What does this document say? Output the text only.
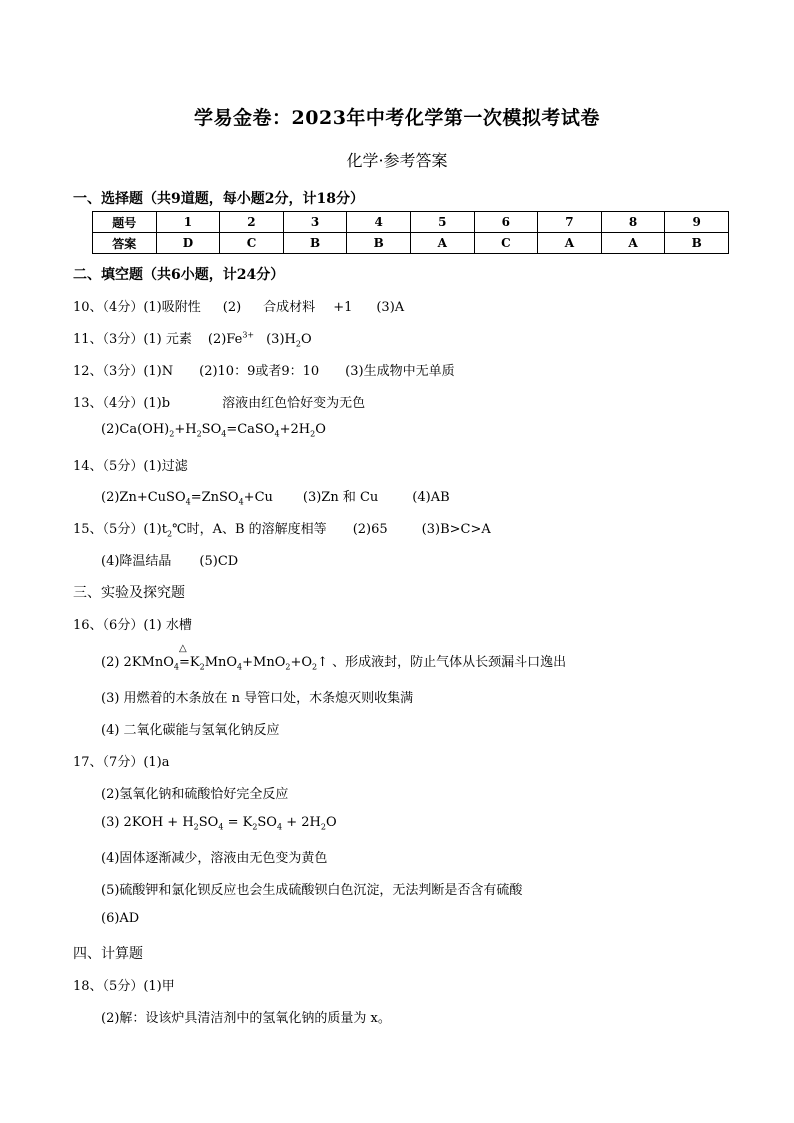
学易金卷：2023年中考化学第一次模拟考试卷
化学·参考答案
一、选择题（共9道题，每小题2分，计18分）
题号	1	2	3	4	5	6	7	8	9
答案	D	C	B	B	A	C	A	A	B
二、填空题（共6小题，计24分）
10、（4分）(1)吸附性 (2) 合成材料 +1 (3)A
11、（3分）(1) 元素 $(2)Fe^{3+}$ $(3)H_2O$
12、（3分）(1)N (2)10：9或者9：10 (3)生成物中无单质
13、（4分）(1)b	溶液由红色恰好变为无色
$(2)Ca(OH)_2+H_2SO_4=CaSO_4+2H_2O$
14、（5分）(1)过滤
(2)Zn+CuSO$_4$=ZnSO$_4$+Cu (3)Zn 和 Cu	(4)AB
15、（5分）$(1)t_2℃$时，A、B 的溶解度相等 (2)65	(3)B>C>A
(4)降温结晶 (5)CD
三、实验及探究题
16、（6分）(1) 水槽
(2) 2KMnO$_4$
△
$=K_2MnO_4+MnO_2+O_2↑$ 、形成液封，防止气体从长颈漏斗口逸出
(3) 用燃着的木条放在 n 导管口处，木条熄灭则收集满
(4) 二氧化碳能与氢氧化钠反应
17、（7分）(1)a
(2)氢氧化钠和硫酸恰好完全反应
(3) $2KOH + H_2SO_4 = K_2SO_4 + 2H_2O$
(4)固体逐渐减少，溶液由无色变为黄色
(5)硫酸钾和氯化钡反应也会生成硫酸钡白色沉淀，无法判断是否含有硫酸
(6)AD
四、计算题
18、（5分）(1)甲
(2)解：设该炉具清洁剂中的氢氧化钠的质量为 x。
